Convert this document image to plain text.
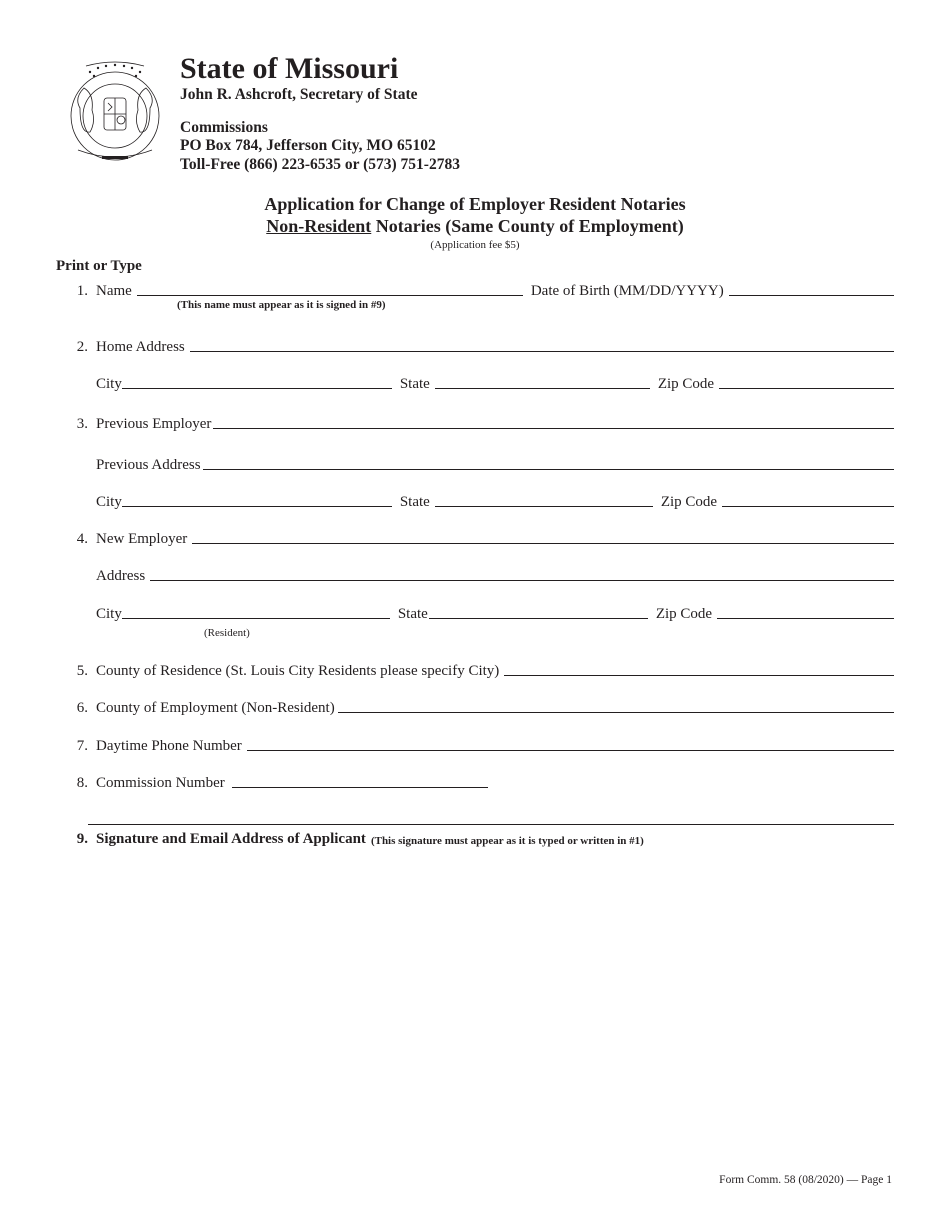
State of Missouri
John R. Ashcroft, Secretary of State
Commissions
PO Box 784, Jefferson City, MO 65102
Toll-Free (866) 223-6535 or (573) 751-2783
Application for Change of Employer Resident Notaries
Non-Resident Notaries (Same County of Employment)
(Application fee $5)
Print or Type
1. Name	Date of Birth (MM/DD/YYYY)
(This name must appear as it is signed in #9)
2. Home Address
City	State	Zip Code
3. Previous Employer
Previous Address
City	State	Zip Code
4. New Employer
Address
City	State	Zip Code
(Resident)
5. County of Residence (St. Louis City Residents please specify City)
6. County of Employment (Non-Resident)
7. Daytime Phone Number
8. Commission Number
9. Signature and Email Address of Applicant (This signature must appear as it is typed or written in #1)
Form Comm. 58 (08/2020) — Page 1
